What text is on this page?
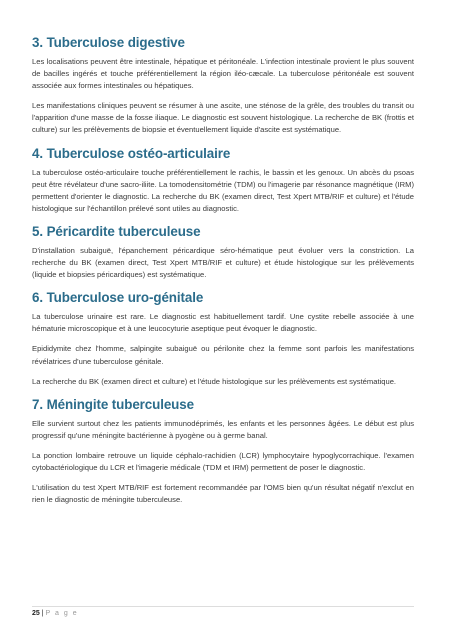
3. Tuberculose digestive

Les localisations peuvent être intestinale, hépatique et péritonéale. L'infection intestinale provient le plus souvent de bacilles ingérés et touche préférentiellement la région iléo-cæcale. La tuberculose péritonéale est souvent associée aux formes intestinales ou hépatiques.

Les manifestations cliniques peuvent se résumer à une ascite, une sténose de la grêle, des troubles du transit ou l'apparition d'une masse de la fosse iliaque. Le diagnostic est souvent histologique. La recherche de BK (frottis et culture) sur les prélèvements de biopsie et éventuellement liquide d'ascite est systématique.

4. Tuberculose ostéo-articulaire

La tuberculose ostéo-articulaire touche préférentiellement le rachis, le bassin et les genoux. Un abcès du psoas peut être révélateur d'une sacro-iliite. La tomodensitométrie (TDM) ou l'imagerie par résonance magnétique (IRM) permettent d'orienter le diagnostic. La recherche du BK (examen direct, Test Xpert MTB/RIF et culture) et l'étude histologique sur l'échantillon prélevé sont utiles au diagnostic.

5. Péricardite tuberculeuse

D'installation subaiguë, l'épanchement péricardique séro-hématique peut évoluer vers la constriction. La recherche du BK (examen direct, Test Xpert MTB/RIF et culture) et étude histologique sur les prélèvements (liquide et biopsies péricardiques) est systématique.

6. Tuberculose uro-génitale

La tuberculose urinaire est rare. Le diagnostic est habituellement tardif. Une cystite rebelle associée à une hématurie microscopique et à une leucocyturie aseptique peut évoquer le diagnostic.

Epididymite chez l'homme, salpingite subaiguë ou périlonite chez la femme sont parfois les manifestations révélatrices d'une tuberculose génitale.

La recherche du BK (examen direct et culture) et l'étude histologique sur les prélèvements est systématique.

7. Méningite tuberculeuse

Elle survient surtout chez les patients immunodéprimés, les enfants et les personnes âgées. Le début est plus progressif qu'une méningite bactérienne à pyogène ou à germe banal.

La ponction lombaire retrouve un liquide céphalo-rachidien (LCR) lymphocytaire hypoglycorrachique. l'examen cytobactériologique du LCR et l'imagerie médicale (TDM et IRM) permettent de poser le diagnostic.

L'utilisation du test Xpert MTB/RIF est fortement recommandée par l'OMS bien qu'un résultat négatif n'exclut en rien le diagnostic de méningite tuberculeuse.

25 | P a g e
